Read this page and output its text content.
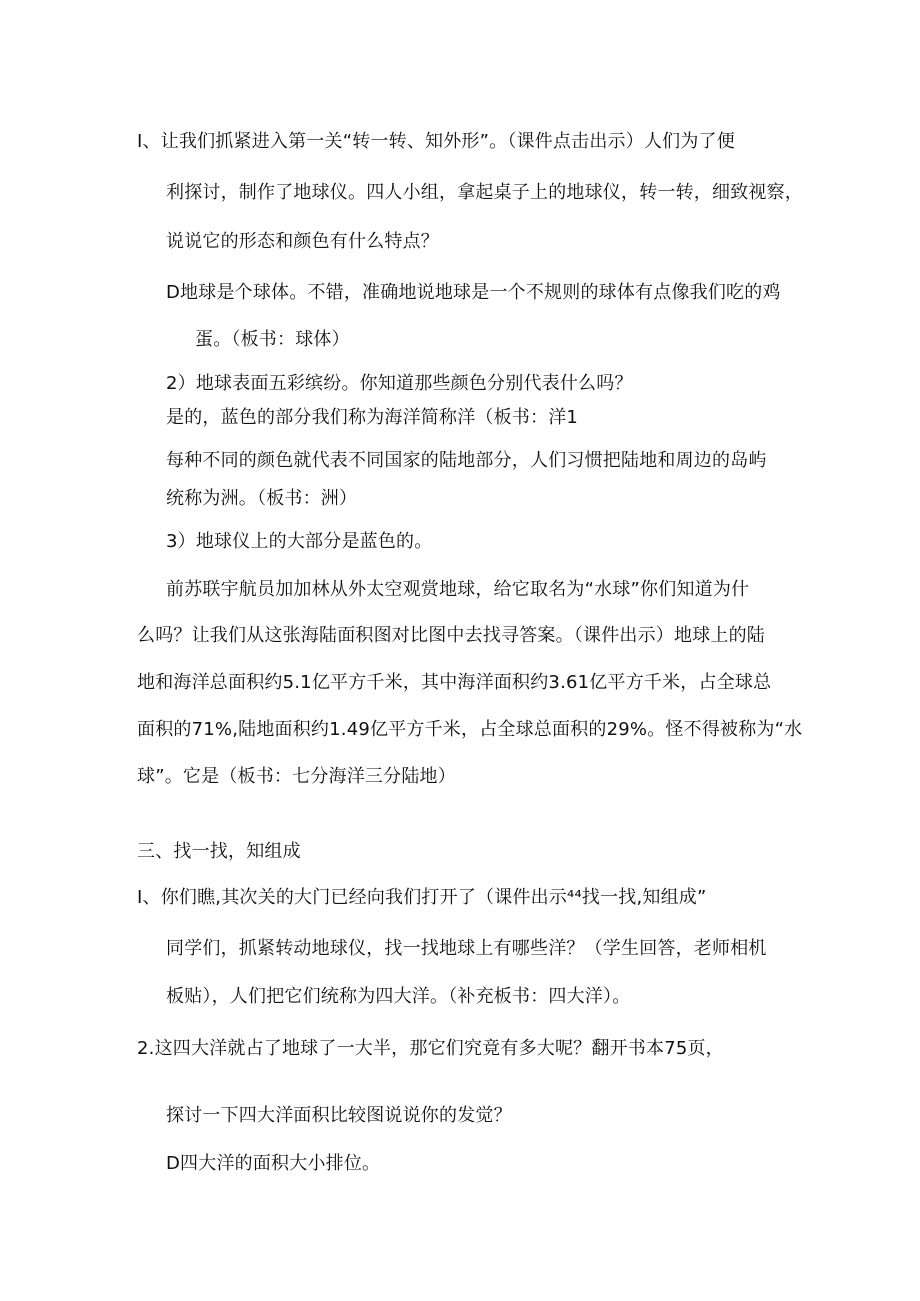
I、让我们抓紧进入第一关“转一转、知外形”。（课件点击出示）人们为了便
利探讨，制作了地球仪。四人小组，拿起桌子上的地球仪，转一转，细致视察，
说说它的形态和颜色有什么特点？
D地球是个球体。不错，准确地说地球是一个不规则的球体有点像我们吃的鸡
蛋。（板书：球体）
2）地球表面五彩缤纷。你知道那些颜色分别代表什么吗？
是的，蓝色的部分我们称为海洋简称洋（板书：洋1
每种不同的颜色就代表不同国家的陆地部分，人们习惯把陆地和周边的岛屿
统称为洲。（板书：洲）
3）地球仪上的大部分是蓝色的。
前苏联宇航员加加林从外太空观赏地球，给它取名为“水球”你们知道为什
么吗？让我们从这张海陆面积图对比图中去找寻答案。（课件出示）地球上的陆
地和海洋总面积约5.1亿平方千米，其中海洋面积约3.61亿平方千米，占全球总
面积的71%,陆地面积约1.49亿平方千米，占全球总面积的29%。怪不得被称为“水
球”。它是（板书：七分海洋三分陆地）
三、找一找，知组成
I、你们瞧,其次关的大门已经向我们打开了（课件出示⁴⁴找一找,知组成”
同学们，抓紧转动地球仪，找一找地球上有哪些洋？（学生回答，老师相机
板贴），人们把它们统称为四大洋。（补充板书：四大洋）。
2.这四大洋就占了地球了一大半，那它们究竟有多大呢？翻开书本75页，
探讨一下四大洋面积比较图说说你的发觉？
D四大洋的面积大小排位。
